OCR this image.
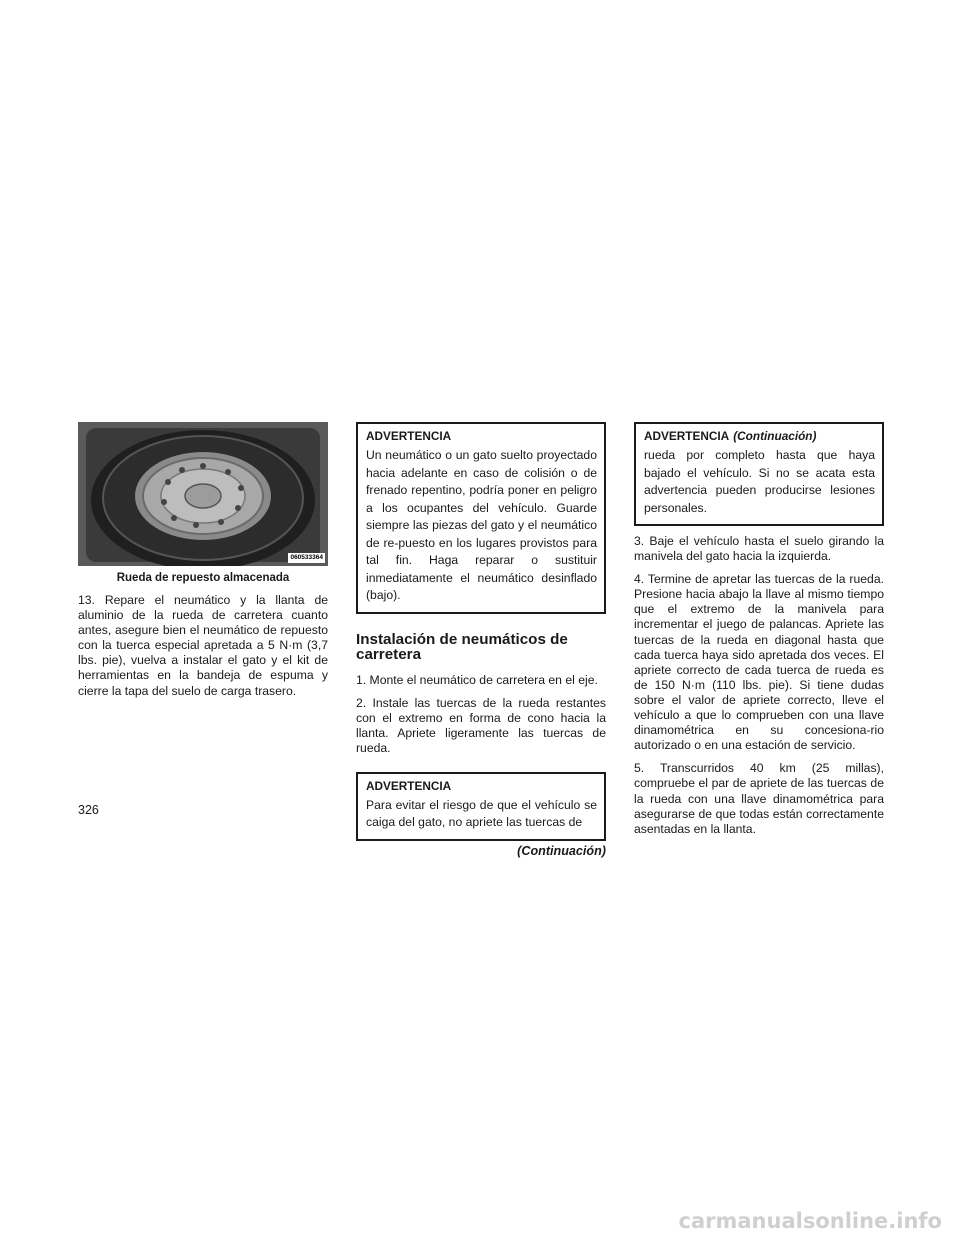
060533364
Rueda de repuesto almacenada

13. Repare el neumático y la llanta de aluminio de la rueda de carretera cuanto antes, asegure bien el neumático de repuesto con la tuerca especial apretada a 5 N·m (3,7 lbs. pie), vuelva a instalar el gato y el kit de herramientas en la bandeja de espuma y cierre la tapa del suelo de carga trasero.

ADVERTENCIA

Un neumático o un gato suelto proyectado hacia adelante en caso de colisión o de frenado repentino, podría poner en peligro a los ocupantes del vehículo. Guarde siempre las piezas del gato y el neumático de re-puesto en los lugares provistos para tal fin. Haga reparar o sustituir inmediatamente el neumático desinflado (bajo).

Instalación de neumáticos de carretera

1. Monte el neumático de carretera en el eje.

2. Instale las tuercas de la rueda restantes con el extremo en forma de cono hacia la llanta. Apriete ligeramente las tuercas de rueda.

ADVERTENCIA

Para evitar el riesgo de que el vehículo se caiga del gato, no apriete las tuercas de

(Continuación)
ADVERTENCIA (Continuación)

rueda por completo hasta que haya bajado el vehículo. Si no se acata esta advertencia pueden producirse lesiones personales.

3. Baje el vehículo hasta el suelo girando la manivela del gato hacia la izquierda.

4. Termine de apretar las tuercas de la rueda. Presione hacia abajo la llave al mismo tiempo que el extremo de la manivela para incrementar el juego de palancas. Apriete las tuercas de la rueda en diagonal hasta que cada tuerca haya sido apretada dos veces. El apriete correcto de cada tuerca de rueda es de 150 N·m (110 lbs. pie). Si tiene dudas sobre el valor de apriete correcto, lleve el vehículo a que lo comprueben con una llave dinamométrica en su concesiona-rio autorizado o en una estación de servicio.

5. Transcurridos 40 km (25 millas), compruebe el par de apriete de las tuercas de la rueda con una llave dinamométrica para asegurarse de que todas están correctamente asentadas en la llanta.

326
carmanualsonline.info
